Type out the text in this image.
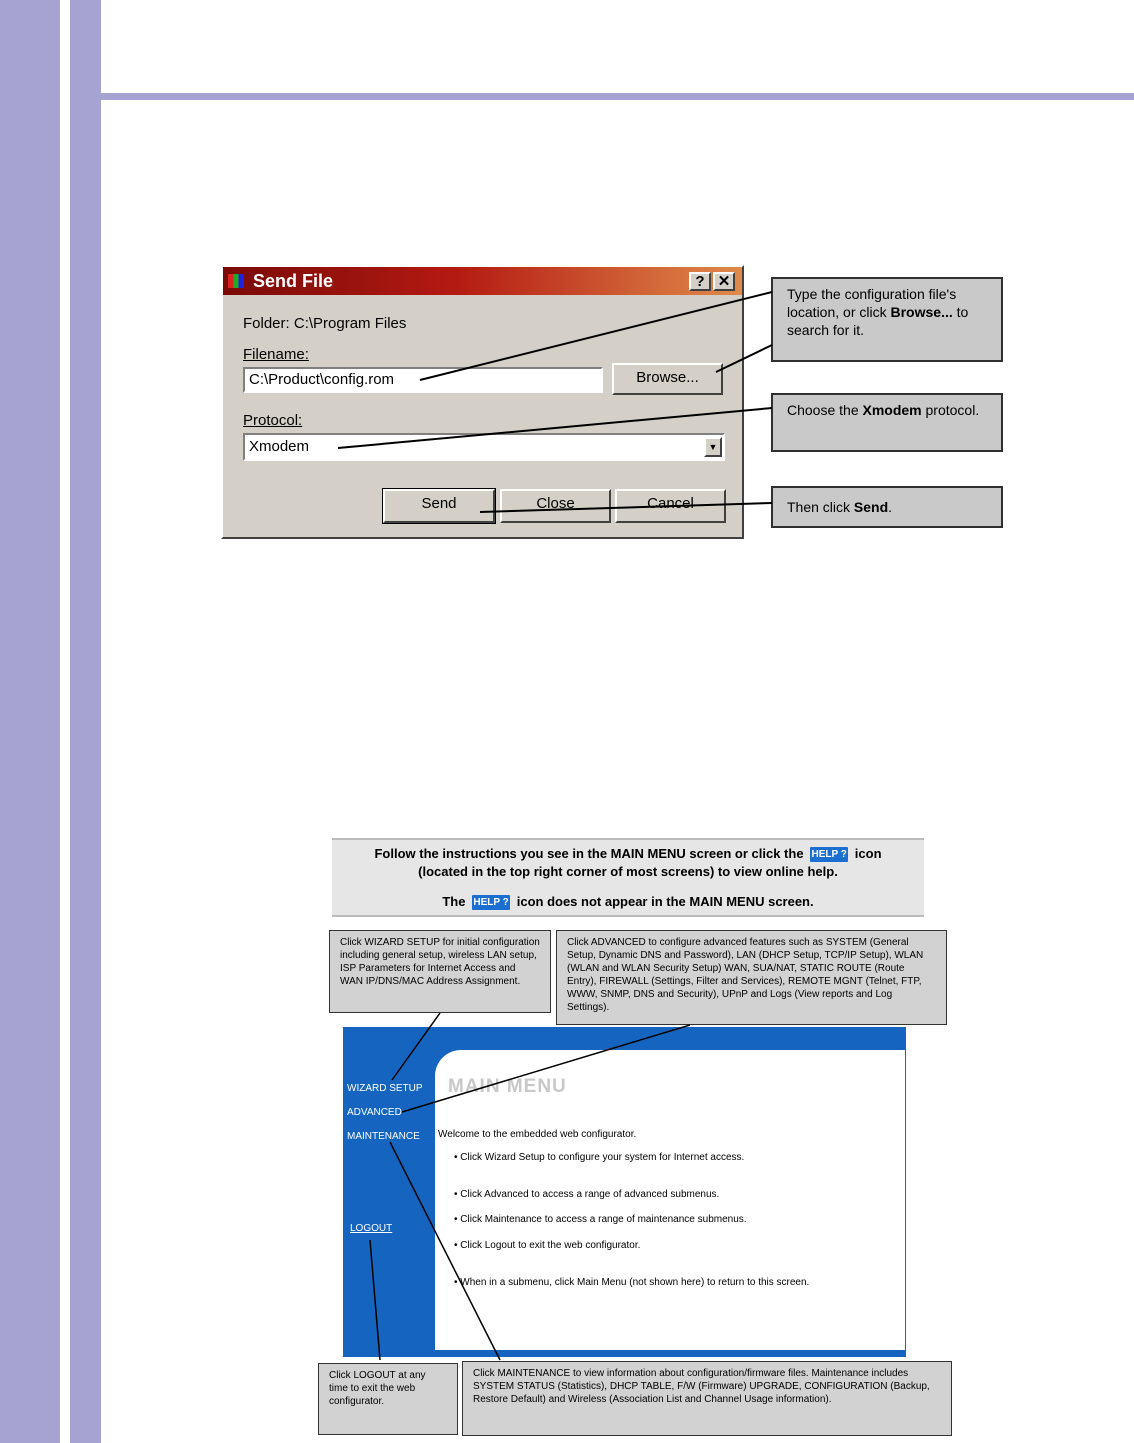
Send File	? ✕
Folder: C:\Program Files
Filename:
C:\Product\config.rom	Browse...
Protocol:
Xmodem	▼
Send	Close	Cancel
Type the configuration file's location, or click Browse... to search for it.
Choose the Xmodem protocol.
Then click Send.
Follow the instructions you see in the MAIN MENU screen or click the HELP ? icon
(located in the top right corner of most screens) to view online help.
The HELP ? icon does not appear in the MAIN MENU screen.
Click WIZARD SETUP for initial configuration including general setup, wireless LAN setup, ISP Parameters for Internet Access and WAN IP/DNS/MAC Address Assignment.
Click ADVANCED to configure advanced features such as SYSTEM (General Setup, Dynamic DNS and Password), LAN (DHCP Setup, TCP/IP Setup), WLAN (WLAN and WLAN Security Setup) WAN, SUA/NAT, STATIC ROUTE (Route Entry), FIREWALL (Settings, Filter and Services), REMOTE MGNT (Telnet, FTP, WWW, SNMP, DNS and Security), UPnP and Logs (View reports and Log Settings).
MAIN MENU
WIZARD SETUP
ADVANCED
MAINTENANCE
LOGOUT
Welcome to the embedded web configurator.
• Click Wizard Setup to configure your system for Internet access.
• Click Advanced to access a range of advanced submenus.
• Click Maintenance to access a range of maintenance submenus.
• Click Logout to exit the web configurator.
• When in a submenu, click Main Menu (not shown here) to return to this screen.
Click LOGOUT at any time to exit the web configurator.
Click MAINTENANCE to view information about configuration/firmware files. Maintenance includes SYSTEM STATUS (Statistics), DHCP TABLE, F/W (Firmware) UPGRADE, CONFIGURATION (Backup, Restore Default) and Wireless (Association List and Channel Usage information).
